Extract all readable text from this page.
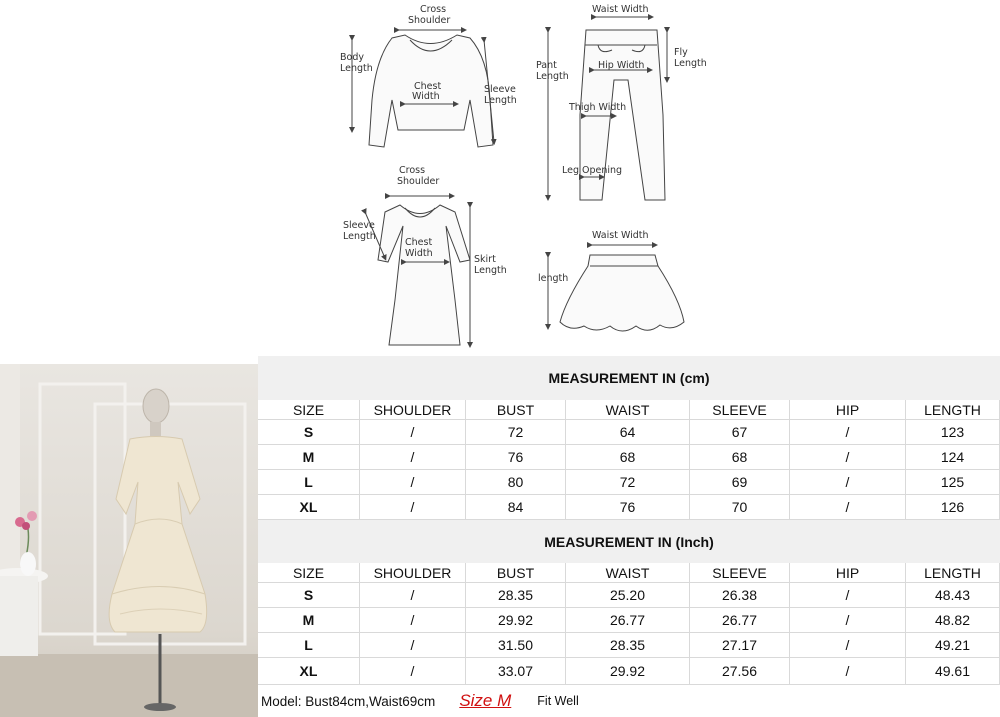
Cross
Shoulder
Body
Length
Chest
Width
Sleeve
Length
Waist Width
Pant
Length
Fly
Length
Hip Width
Thigh Width
Leg Opening
Cross
Shoulder
Sleeve
Length
Chest
Width
Skirt
Length
Waist Width
length
MEASUREMENT IN (cm)
SIZE	SHOULDER	BUST	WAIST	SLEEVE	HIP	LENGTH
S	/	72	64	67	/	123
M	/	76	68	68	/	124
L	/	80	72	69	/	125
XL	/	84	76	70	/	126
MEASUREMENT IN (Inch)
SIZE	SHOULDER	BUST	WAIST	SLEEVE	HIP	LENGTH
S	/	28.35	25.20	26.38	/	48.43
M	/	29.92	26.77	26.77	/	48.82
L	/	31.50	28.35	27.17	/	49.21
XL	/	33.07	29.92	27.56	/	49.61
Model: Bust84cm,Waist69cm Size M Fit Well
